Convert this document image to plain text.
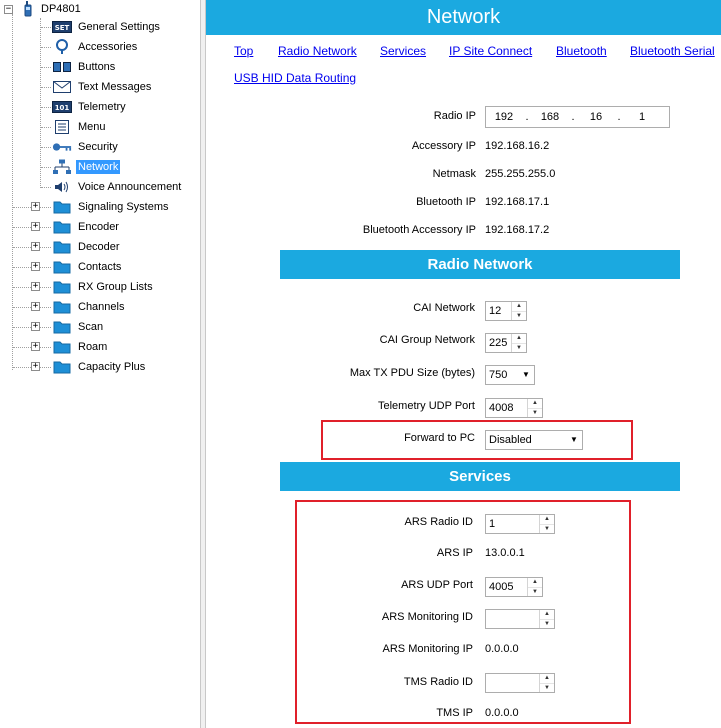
−	DP4801
SET General Settings
Accessories
Buttons
Text Messages
101 Telemetry
Menu
Security
Network
Voice Announcement
+	Signaling Systems
+	Encoder
+	Decoder
+	Contacts
+	RX Group Lists
+	Channels
+	Scan
+	Roam
+	Capacity Plus
Network
Top Radio Network Services IP Site Connect Bluetooth Bluetooth Serial
USB HID Data Routing
Radio IP	192	.	168	.	16	.	1
Accessory IP 192.168.16.2
Netmask 255.255.255.0
Bluetooth IP 192.168.17.1
Bluetooth Accessory IP 192.168.17.2
Radio Network
CAI Network 12	▲
▼
CAI Group Network 225	▲
▼
Max TX PDU Size (bytes) 750	▼
Telemetry UDP Port 4008	▲
▼
Forward to PC Disabled	▼
Services
ARS Radio ID 1	▲
▼
ARS IP 13.0.0.1
ARS UDP Port 4005	▲
▼
ARS Monitoring ID	▲
▼
ARS Monitoring IP 0.0.0.0
TMS Radio ID	▲
▼
TMS IP 0.0.0.0
